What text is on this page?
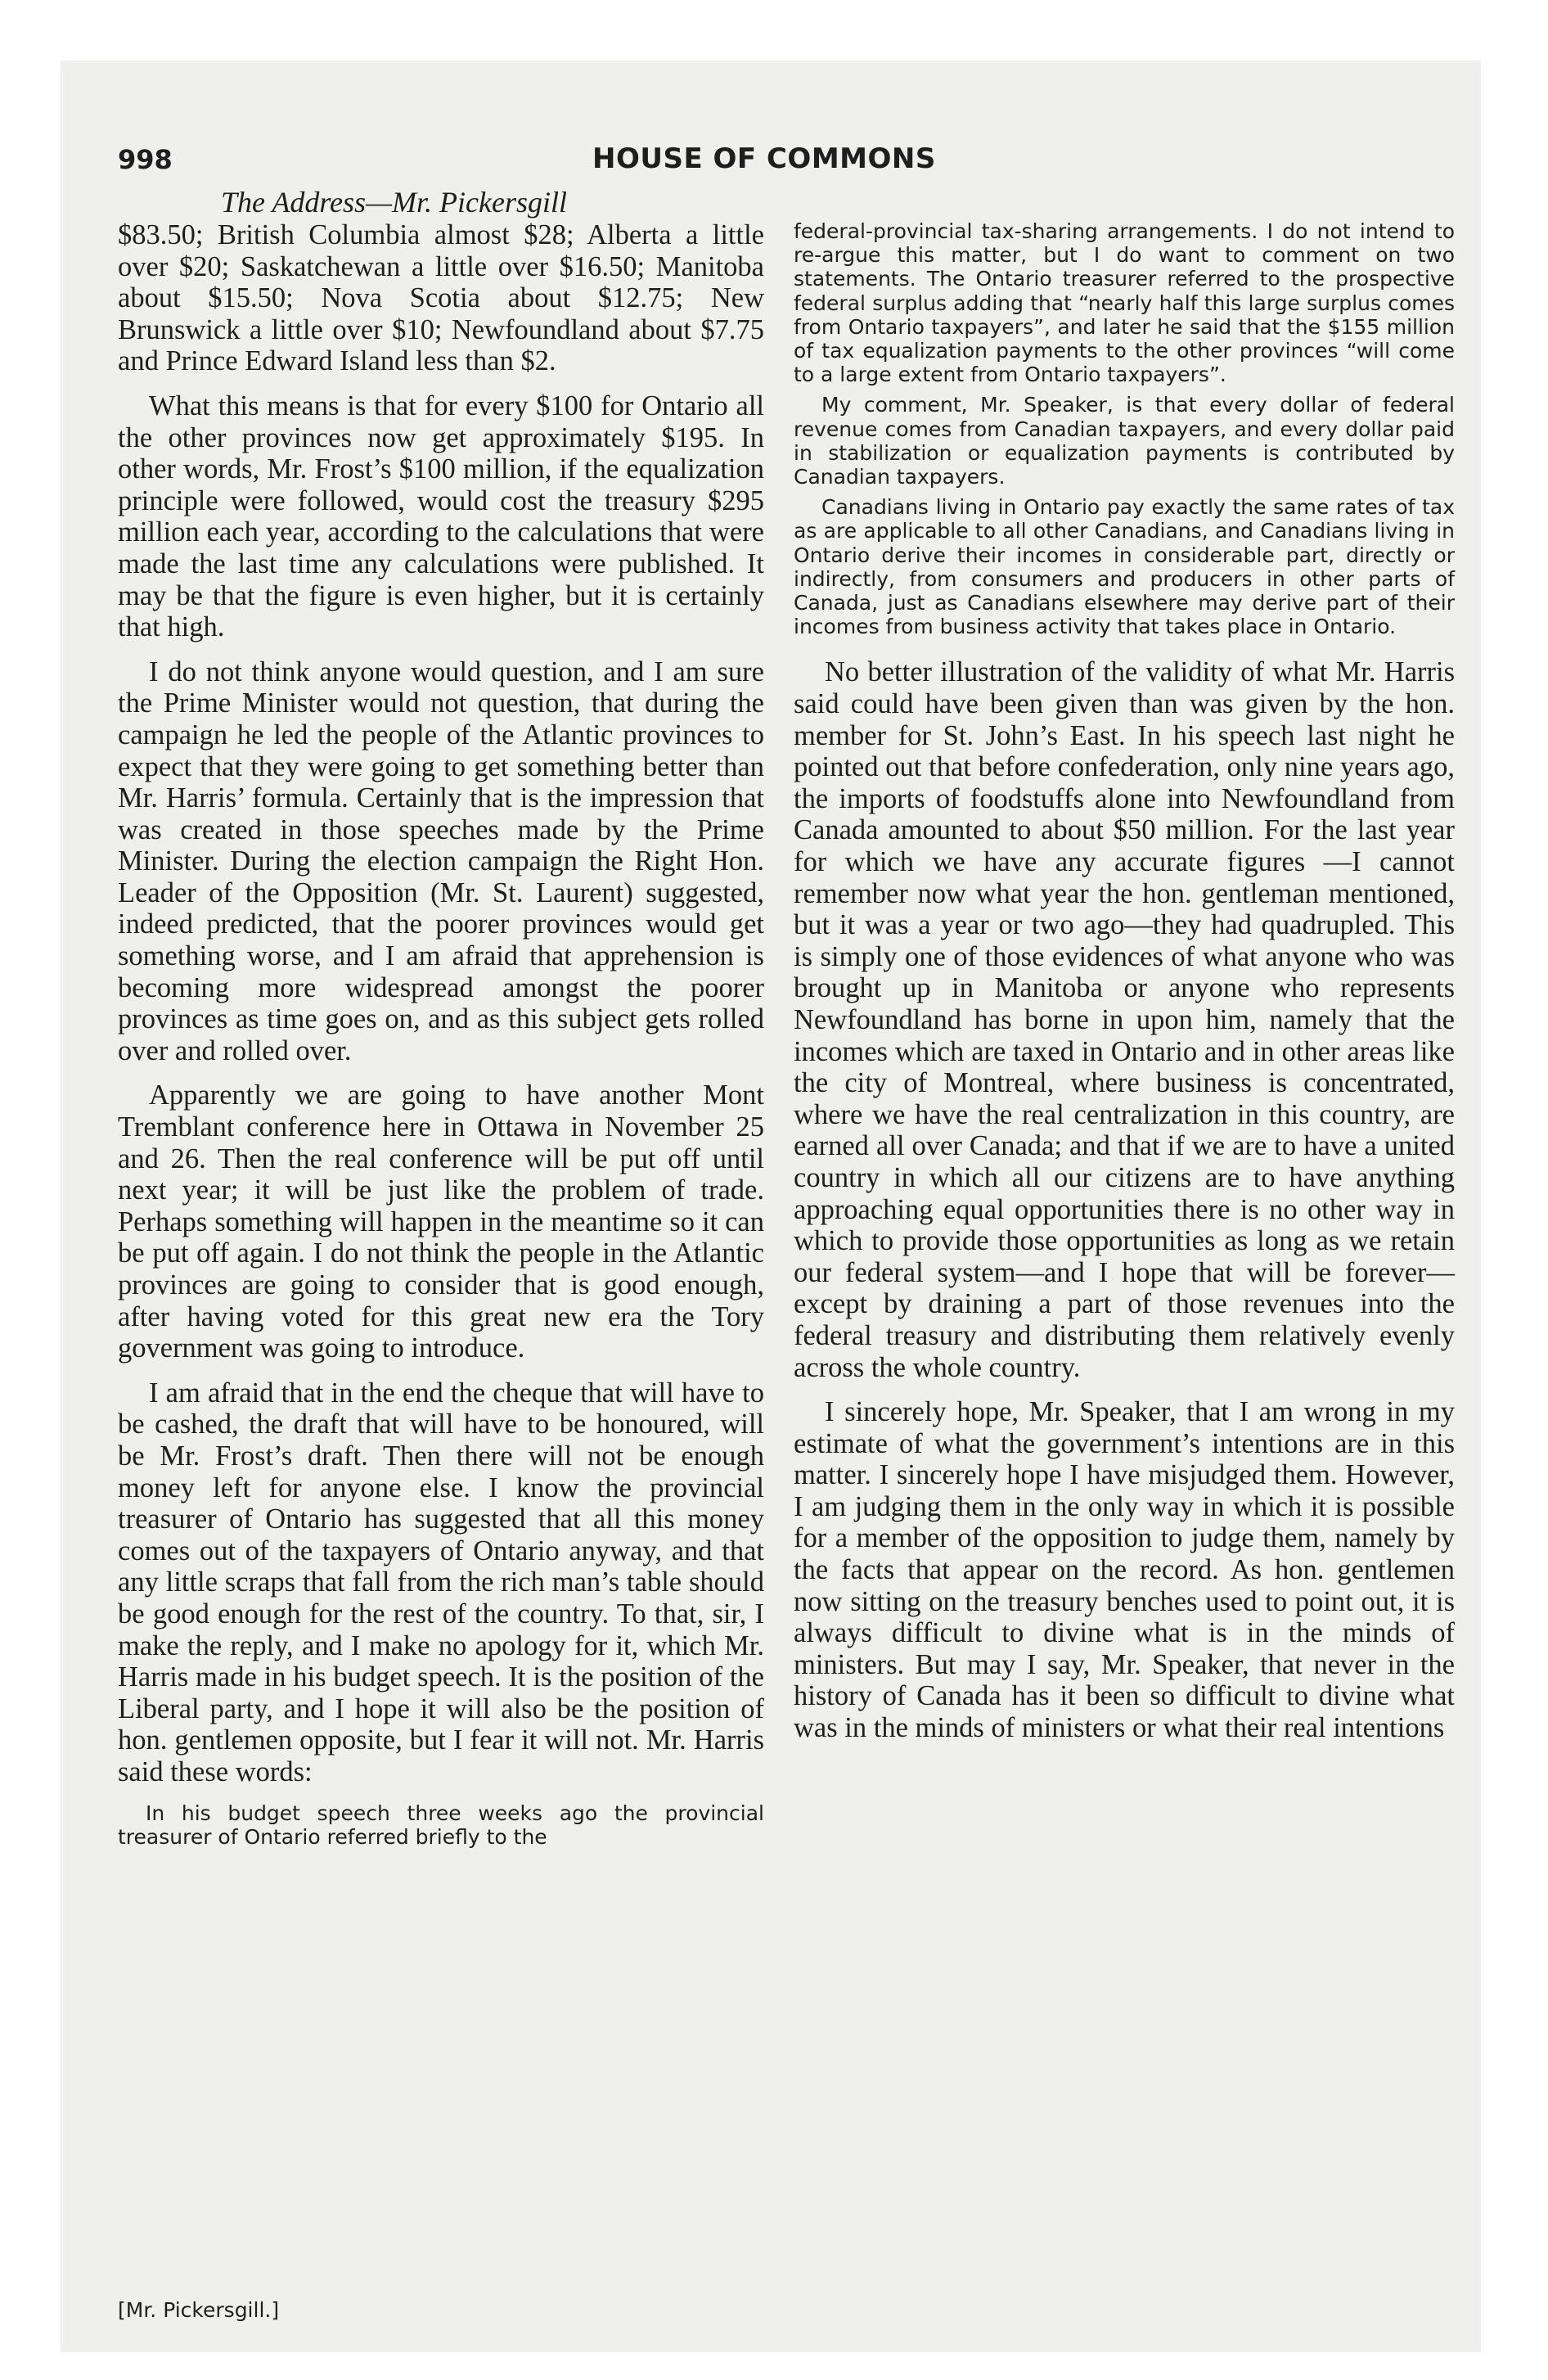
998	HOUSE OF COMMONS
The Address—Mr. Pickersgill

$83.50; British Columbia almost $28; Alberta a little over $20; Saskatchewan a little over $16.50; Manitoba about $15.50; Nova Scotia about $12.75; New Brunswick a little over $10; Newfoundland about $7.75 and Prince Edward Island less than $2.

What this means is that for every $100 for Ontario all the other provinces now get approximately $195. In other words, Mr. Frost’s $100 million, if the equalization principle were followed, would cost the treasury $295 million each year, according to the calculations that were made the last time any calculations were published. It may be that the figure is even higher, but it is certainly that high.

I do not think anyone would question, and I am sure the Prime Minister would not question, that during the campaign he led the people of the Atlantic provinces to expect that they were going to get something better than Mr. Harris’ formula. Certainly that is the impression that was created in those speeches made by the Prime Minister. During the election campaign the Right Hon. Leader of the Opposition (Mr. St. Laurent) suggested, indeed predicted, that the poorer provinces would get something worse, and I am afraid that apprehension is becoming more widespread amongst the poorer provinces as time goes on, and as this subject gets rolled over and rolled over.

Apparently we are going to have another Mont Tremblant conference here in Ottawa in November 25 and 26. Then the real conference will be put off until next year; it will be just like the problem of trade. Perhaps something will happen in the meantime so it can be put off again. I do not think the people in the Atlantic provinces are going to consider that is good enough, after having voted for this great new era the Tory government was going to introduce.

I am afraid that in the end the cheque that will have to be cashed, the draft that will have to be honoured, will be Mr. Frost’s draft. Then there will not be enough money left for anyone else. I know the provincial treasurer of Ontario has suggested that all this money comes out of the taxpayers of Ontario anyway, and that any little scraps that fall from the rich man’s table should be good enough for the rest of the country. To that, sir, I make the reply, and I make no apology for it, which Mr. Harris made in his budget speech. It is the position of the Liberal party, and I hope it will also be the position of hon. gentlemen opposite, but I fear it will not. Mr. Harris said these words:

In his budget speech three weeks ago the provincial treasurer of Ontario referred briefly to the

federal-provincial tax-sharing arrangements. I do not intend to re-argue this matter, but I do want to comment on two statements. The Ontario treasurer referred to the prospective federal surplus adding that “nearly half this large surplus comes from Ontario taxpayers”, and later he said that the $155 million of tax equalization payments to the other provinces “will come to a large extent from Ontario taxpayers”.

My comment, Mr. Speaker, is that every dollar of federal revenue comes from Canadian taxpayers, and every dollar paid in stabilization or equalization payments is contributed by Canadian taxpayers.

Canadians living in Ontario pay exactly the same rates of tax as are applicable to all other Canadians, and Canadians living in Ontario derive their incomes in considerable part, directly or indirectly, from consumers and producers in other parts of Canada, just as Canadians elsewhere may derive part of their incomes from business activity that takes place in Ontario.

No better illustration of the validity of what Mr. Harris said could have been given than was given by the hon. member for St. John’s East. In his speech last night he pointed out that before confederation, only nine years ago, the imports of foodstuffs alone into Newfoundland from Canada amounted to about $50 million. For the last year for which we have any accurate figures —I cannot remember now what year the hon. gentleman mentioned, but it was a year or two ago—they had quadrupled. This is simply one of those evidences of what anyone who was brought up in Manitoba or anyone who represents Newfoundland has borne in upon him, namely that the incomes which are taxed in Ontario and in other areas like the city of Montreal, where business is concentrated, where we have the real centralization in this country, are earned all over Canada; and that if we are to have a united country in which all our citizens are to have anything approaching equal opportunities there is no other way in which to provide those opportunities as long as we retain our federal system—and I hope that will be forever—except by draining a part of those revenues into the federal treasury and distributing them relatively evenly across the whole country.

I sincerely hope, Mr. Speaker, that I am wrong in my estimate of what the government’s intentions are in this matter. I sincerely hope I have misjudged them. However, I am judging them in the only way in which it is possible for a member of the opposition to judge them, namely by the facts that appear on the record. As hon. gentlemen now sitting on the treasury benches used to point out, it is always difficult to divine what is in the minds of ministers. But may I say, Mr. Speaker, that never in the history of Canada has it been so difficult to divine what was in the minds of ministers or what their real intentions

[Mr. Pickersgill.]
